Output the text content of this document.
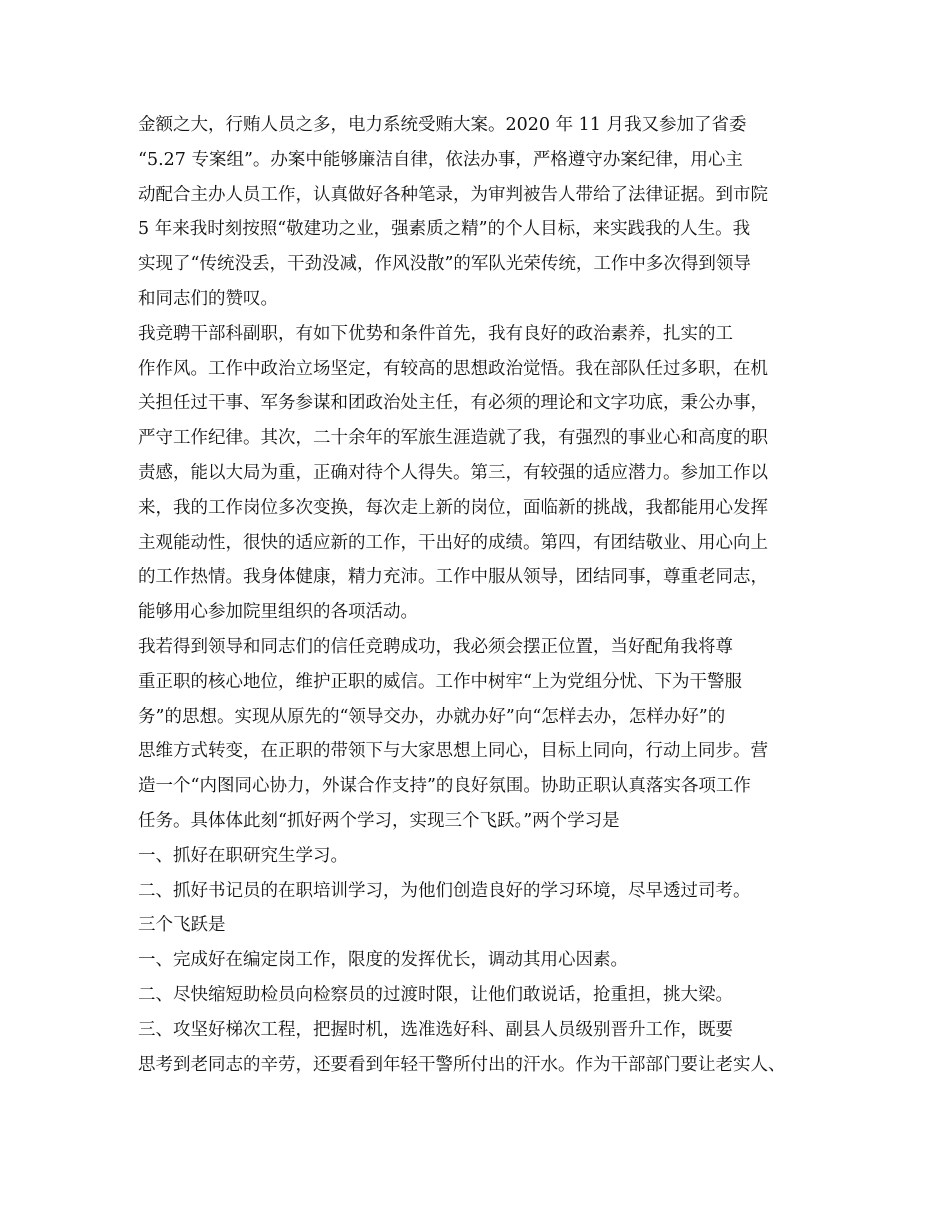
金额之大，行贿人员之多，电力系统受贿大案。2020 年 11 月我又参加了省委
“5.27 专案组”。办案中能够廉洁自律，依法办事，严格遵守办案纪律，用心主
动配合主办人员工作，认真做好各种笔录，为审判被告人带给了法律证据。到市院
5 年来我时刻按照“敬建功之业，强素质之精”的个人目标，来实践我的人生。我
实现了“传统没丢，干劲没减，作风没散”的军队光荣传统，工作中多次得到领导
和同志们的赞叹。
我竞聘干部科副职，有如下优势和条件首先，我有良好的政治素养，扎实的工
作作风。工作中政治立场坚定，有较高的思想政治觉悟。我在部队任过多职，在机
关担任过干事、军务参谋和团政治处主任，有必须的理论和文字功底，秉公办事，
严守工作纪律。其次，二十余年的军旅生涯造就了我，有强烈的事业心和高度的职
责感，能以大局为重，正确对待个人得失。第三，有较强的适应潜力。参加工作以
来，我的工作岗位多次变换，每次走上新的岗位，面临新的挑战，我都能用心发挥
主观能动性，很快的适应新的工作，干出好的成绩。第四，有团结敬业、用心向上
的工作热情。我身体健康，精力充沛。工作中服从领导，团结同事，尊重老同志，
能够用心参加院里组织的各项活动。
我若得到领导和同志们的信任竞聘成功，我必须会摆正位置，当好配角我将尊
重正职的核心地位，维护正职的威信。工作中树牢“上为党组分忧、下为干警服
务”的思想。实现从原先的“领导交办，办就办好”向“怎样去办，怎样办好”的
思维方式转变，在正职的带领下与大家思想上同心，目标上同向，行动上同步。营
造一个“内图同心协力，外谋合作支持”的良好氛围。协助正职认真落实各项工作
任务。具体体此刻“抓好两个学习，实现三个飞跃。”两个学习是
一、抓好在职研究生学习。
二、抓好书记员的在职培训学习，为他们创造良好的学习环境，尽早透过司考。
三个飞跃是
一、完成好在编定岗工作，限度的发挥优长，调动其用心因素。
二、尽快缩短助检员向检察员的过渡时限，让他们敢说话，抢重担，挑大梁。
三、攻坚好梯次工程，把握时机，选准选好科、副县人员级别晋升工作，既要
思考到老同志的辛劳，还要看到年轻干警所付出的汗水。作为干部部门要让老实人、
